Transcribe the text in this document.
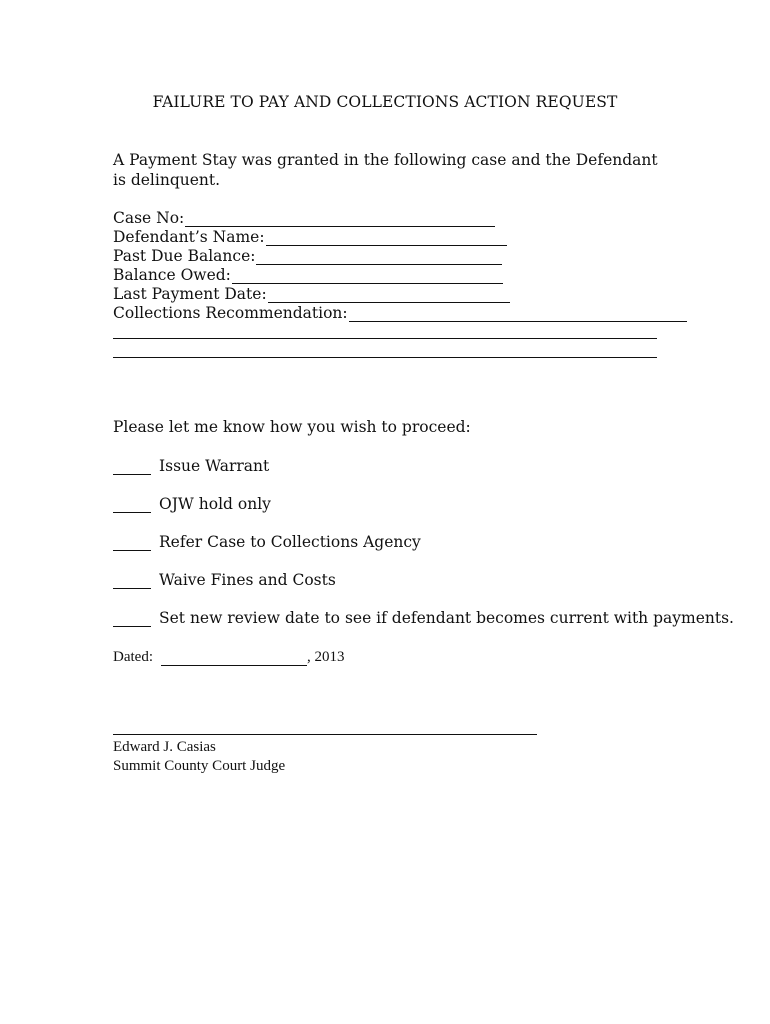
FAILURE TO PAY AND COLLECTIONS ACTION REQUEST
A Payment Stay was granted in the following case and the Defendant is delinquent.
Case No:
Defendant’s Name:
Past Due Balance:
Balance Owed:
Last Payment Date:
Collections Recommendation:
Please let me know how you wish to proceed:
Issue Warrant
OJW hold only
Refer Case to Collections Agency
Waive Fines and Costs
Set new review date to see if defendant becomes current with payments.
Dated:	, 2013
Edward J. Casias
Summit County Court Judge
